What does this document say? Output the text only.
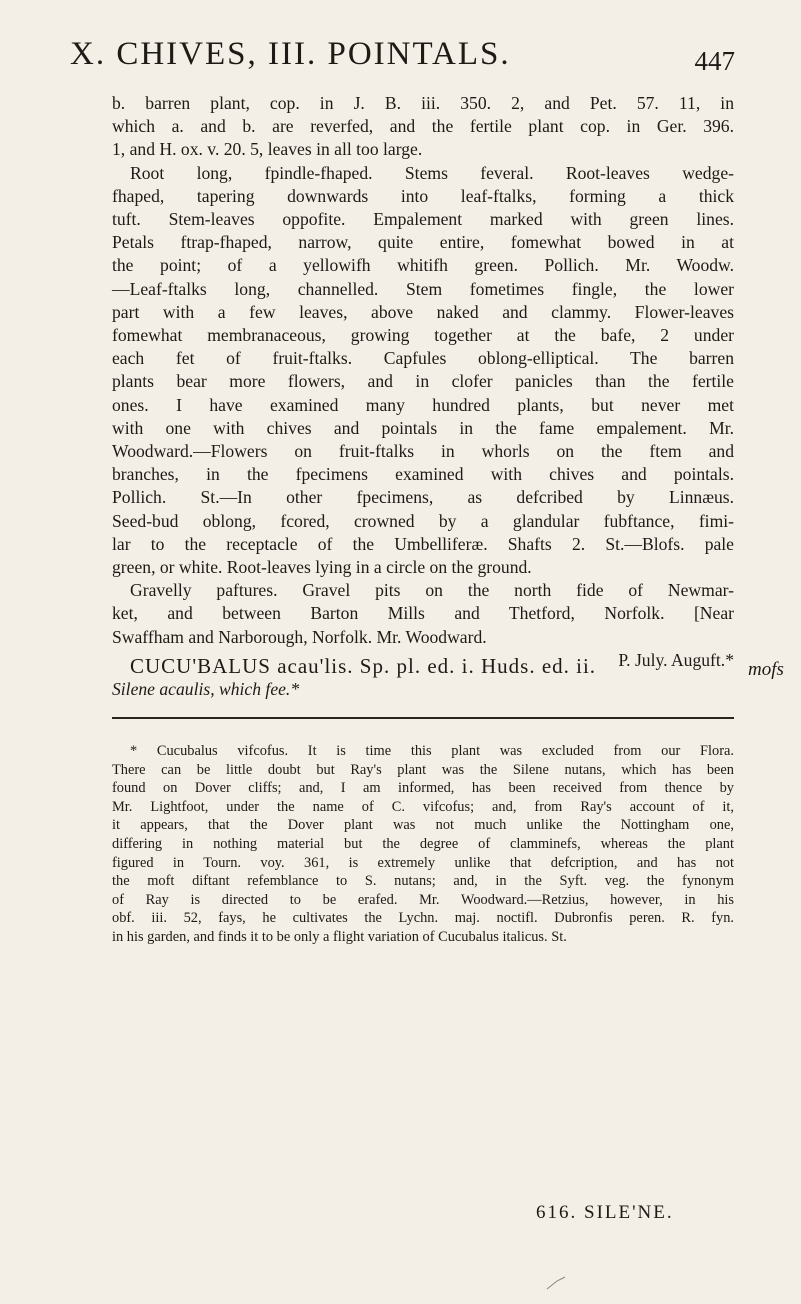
X. CHIVES, III. POINTALS.	447
b. barren plant, cop. in J. B. iii. 350. 2, and Pet. 57. 11, in
which a. and b. are reverfed, and the fertile plant cop. in Ger. 396.
1, and H. ox. v. 20. 5, leaves in all too large.
Root long, fpindle-fhaped. Stems feveral. Root-leaves wedge-
fhaped, tapering downwards into leaf-ftalks, forming a thick
tuft. Stem-leaves oppofite. Empalement marked with green lines.
Petals ftrap-fhaped, narrow, quite entire, fomewhat bowed in at
the point; of a yellowifh whitifh green. Pollich. Mr. Woodw.
—Leaf-ftalks long, channelled. Stem fometimes fingle, the lower
part with a few leaves, above naked and clammy. Flower-leaves
fomewhat membranaceous, growing together at the bafe, 2 under
each fet of fruit-ftalks. Capfules oblong-elliptical. The barren
plants bear more flowers, and in clofer panicles than the fertile
ones. I have examined many hundred plants, but never met
with one with chives and pointals in the fame empalement. Mr.
Woodward.—Flowers on fruit-ftalks in whorls on the ftem and
branches, in the fpecimens examined with chives and pointals.
Pollich. St.—In other fpecimens, as defcribed by Linnæus.
Seed-bud oblong, fcored, crowned by a glandular fubftance, fimi-
lar to the receptacle of the Umbelliferæ. Shafts 2. St.—Blofs. pale
green, or white. Root-leaves lying in a circle on the ground.
Gravelly paftures. Gravel pits on the north fide of Newmar-
ket, and between Barton Mills and Thetford, Norfolk. [Near
Swaffham and Narborough, Norfolk. Mr. Woodward.
P. July. Auguft.*
CUCU'BALUS acau'lis. Sp. pl. ed. i. Huds. ed. ii.
Silene acaulis, which fee.*
mofs
* Cucubalus vifcofus. It is time this plant was excluded from our Flora.
There can be little doubt but Ray's plant was the Silene nutans, which has been
found on Dover cliffs; and, I am informed, has been received from thence by
Mr. Lightfoot, under the name of C. vifcofus; and, from Ray's account of it,
it appears, that the Dover plant was not much unlike the Nottingham one,
differing in nothing material but the degree of clamminefs, whereas the plant
figured in Tourn. voy. 361, is extremely unlike that defcription, and has not
the moft diftant refemblance to S. nutans; and, in the Syft. veg. the fynonym
of Ray is directed to be erafed. Mr. Woodward.—Retzius, however, in his
obf. iii. 52, fays, he cultivates the Lychn. maj. noctifl. Dubronfis peren. R. fyn.
in his garden, and finds it to be only a flight variation of Cucubalus italicus. St.
616. SILE'NE.
